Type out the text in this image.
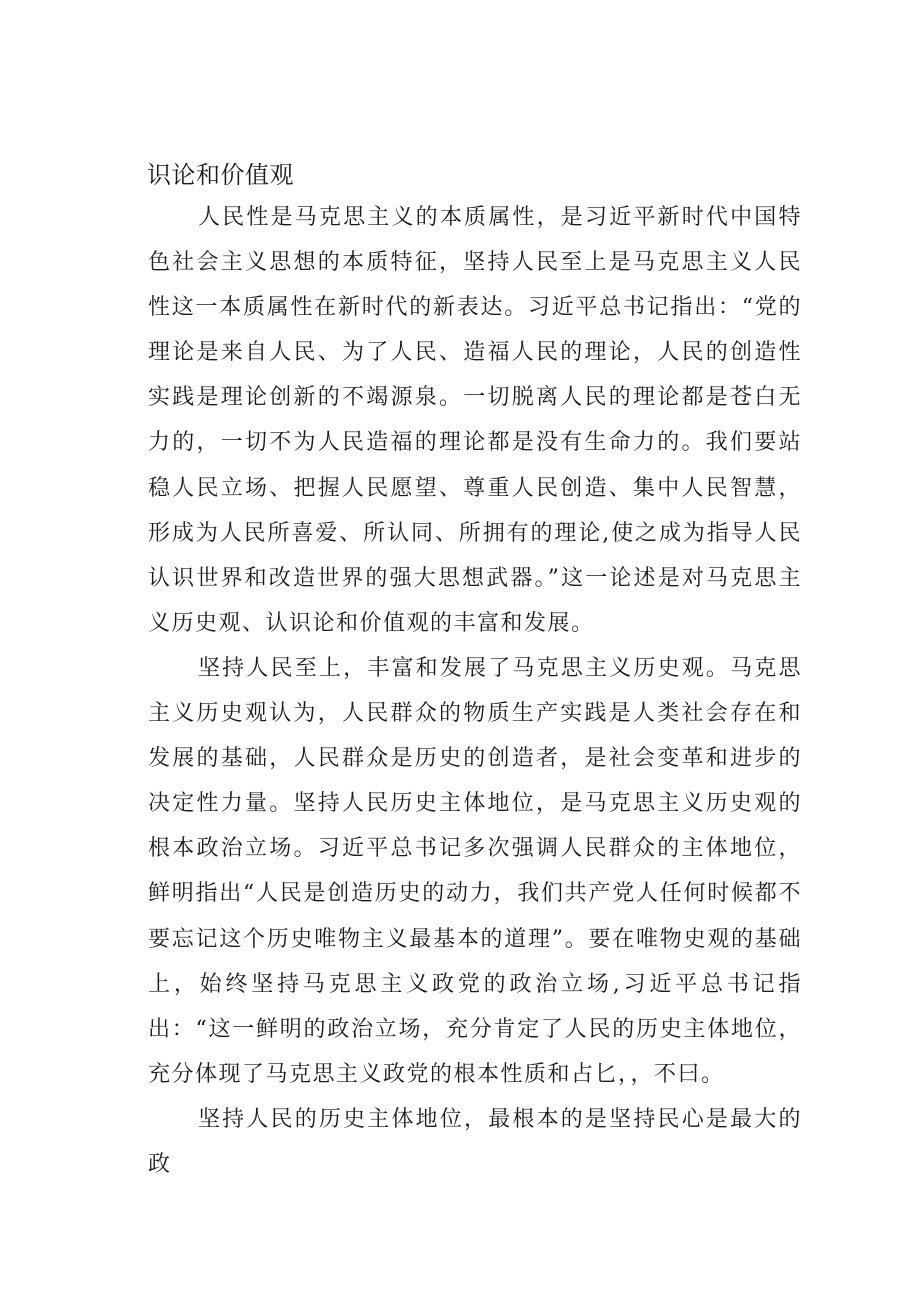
识论和价值观

人民性是马克思主义的本质属性，是习近平新时代中国特色社会主义思想的本质特征，坚持人民至上是马克思主义人民性这一本质属性在新时代的新表达。习近平总书记指出：“党的理论是来自人民、为了人民、造福人民的理论，人民的创造性实践是理论创新的不竭源泉。一切脱离人民的理论都是苍白无力的，一切不为人民造福的理论都是没有生命力的。我们要站稳人民立场、把握人民愿望、尊重人民创造、集中人民智慧，形成为人民所喜爱、所认同、所拥有的理论,使之成为指导人民认识世界和改造世界的强大思想武器。”这一论述是对马克思主义历史观、认识论和价值观的丰富和发展。

坚持人民至上，丰富和发展了马克思主义历史观。马克思主义历史观认为，人民群众的物质生产实践是人类社会存在和发展的基础，人民群众是历史的创造者，是社会变革和进步的决定性力量。坚持人民历史主体地位，是马克思主义历史观的根本政治立场。习近平总书记多次强调人民群众的主体地位，鲜明指出“人民是创造历史的动力，我们共产党人任何时候都不要忘记这个历史唯物主义最基本的道理”。要在唯物史观的基础上，始终坚持马克思主义政党的政治立场,习近平总书记指出：“这一鲜明的政治立场，充分肯定了人民的历史主体地位，充分体现了马克思主义政党的根本性质和占匕，，不曰。

坚持人民的历史主体地位，最根本的是坚持民心是最大的政
